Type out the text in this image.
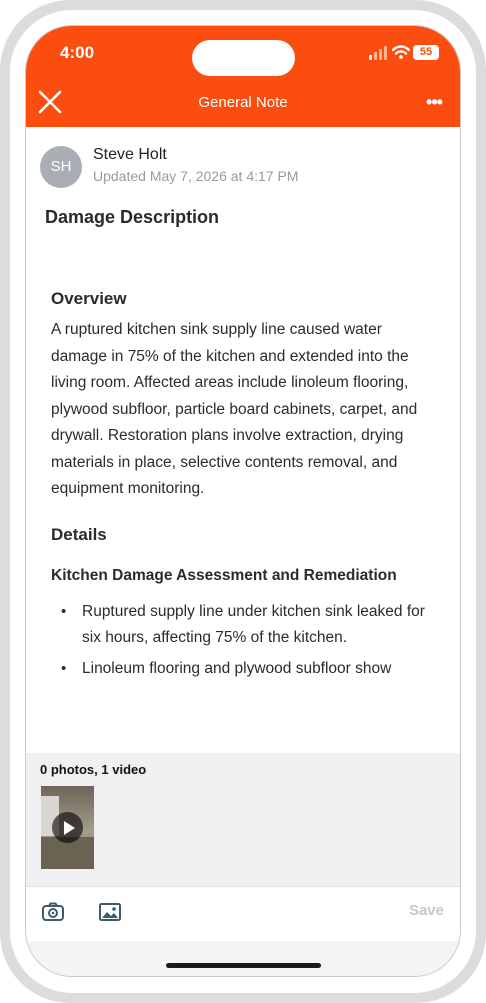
4:00	55
General Note	•••
SH
Steve Holt
Updated May 7, 2026 at 4:17 PM
Damage Description
Overview

A ruptured kitchen sink supply line caused water damage in 75% of the kitchen and extended into the living room. Affected areas include linoleum flooring, plywood subfloor, particle board cabinets, carpet, and drywall. Restoration plans involve extraction, drying materials in place, selective contents removal, and equipment monitoring.

Details
Kitchen Damage Assessment and Remediation
• Ruptured supply line under kitchen sink leaked for six hours, affecting 75% of the kitchen.
• Linoleum flooring and plywood subfloor show
0 photos, 1 video
Save
